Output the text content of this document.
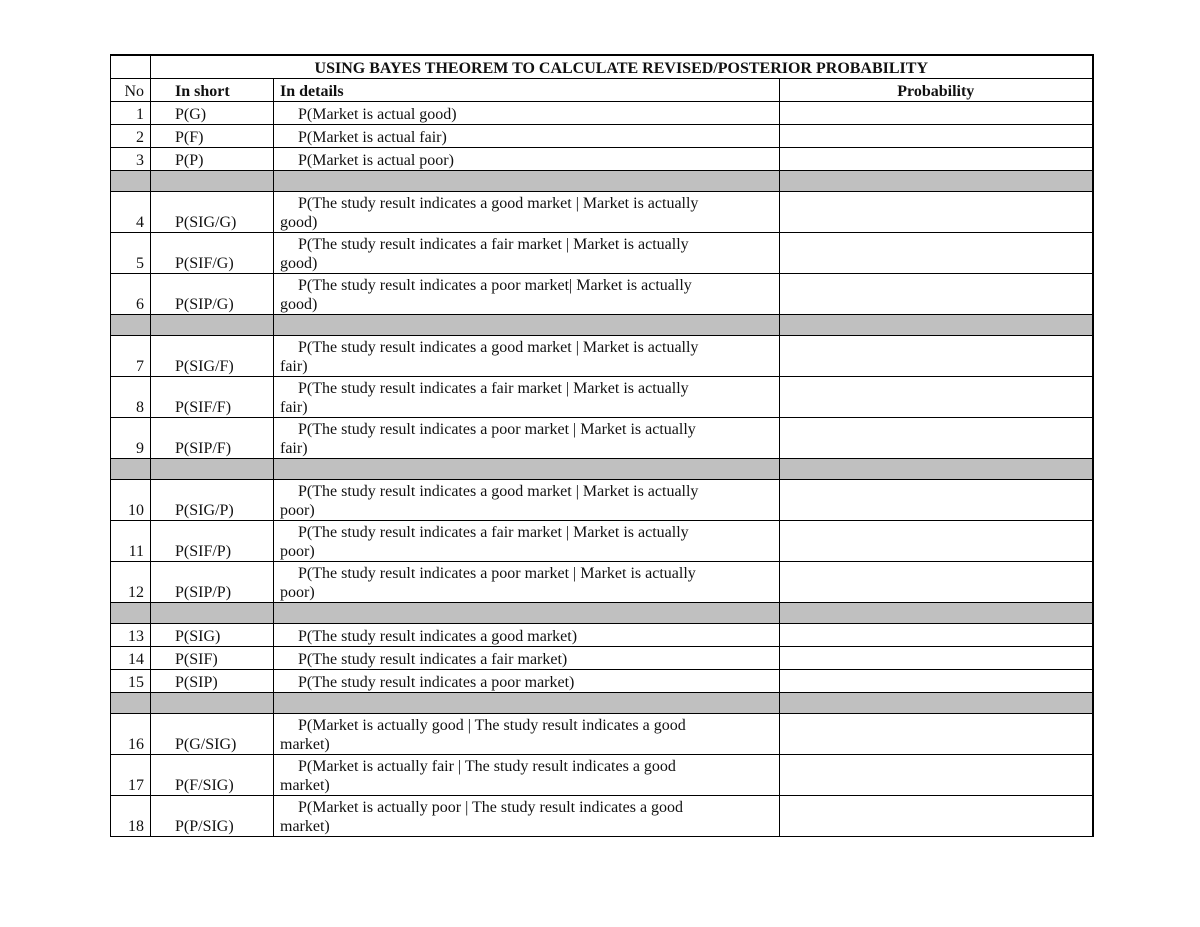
	USING BAYES THEOREM TO CALCULATE REVISED/POSTERIOR PROBABILITY		
No	In short	In details	Probability
1	P(G)	P(Market is actual good)	

2	P(F)	P(Market is actual fair)	

3	P(P)	P(Market is actual poor)	

4	P(SIG/G)	P(The study result indicates a good market | Market is actually
good)	

5	P(SIF/G)	P(The study result indicates a fair market | Market is actually
good)	

6	P(SIP/G)	P(The study result indicates a poor market| Market is actually
good)	

7	P(SIG/F)	P(The study result indicates a good market | Market is actually
fair)	

8	P(SIF/F)	P(The study result indicates a fair market | Market is actually
fair)	

9	P(SIP/F)	P(The study result indicates a poor market | Market is actually
fair)	

10	P(SIG/P)	P(The study result indicates a good market | Market is actually
poor)	

11	P(SIF/P)	P(The study result indicates a fair market | Market is actually
poor)	

12	P(SIP/P)	P(The study result indicates a poor market | Market is actually
poor)	

13	P(SIG)	P(The study result indicates a good market)	

14	P(SIF)	P(The study result indicates a fair market)	

15	P(SIP)	P(The study result indicates a poor market)	

16	P(G/SIG)	P(Market is actually good | The study result indicates a good
market)	

17	P(F/SIG)	P(Market is actually fair | The study result indicates a good
market)	

18	P(P/SIG)	P(Market is actually poor | The study result indicates a good
market)	
